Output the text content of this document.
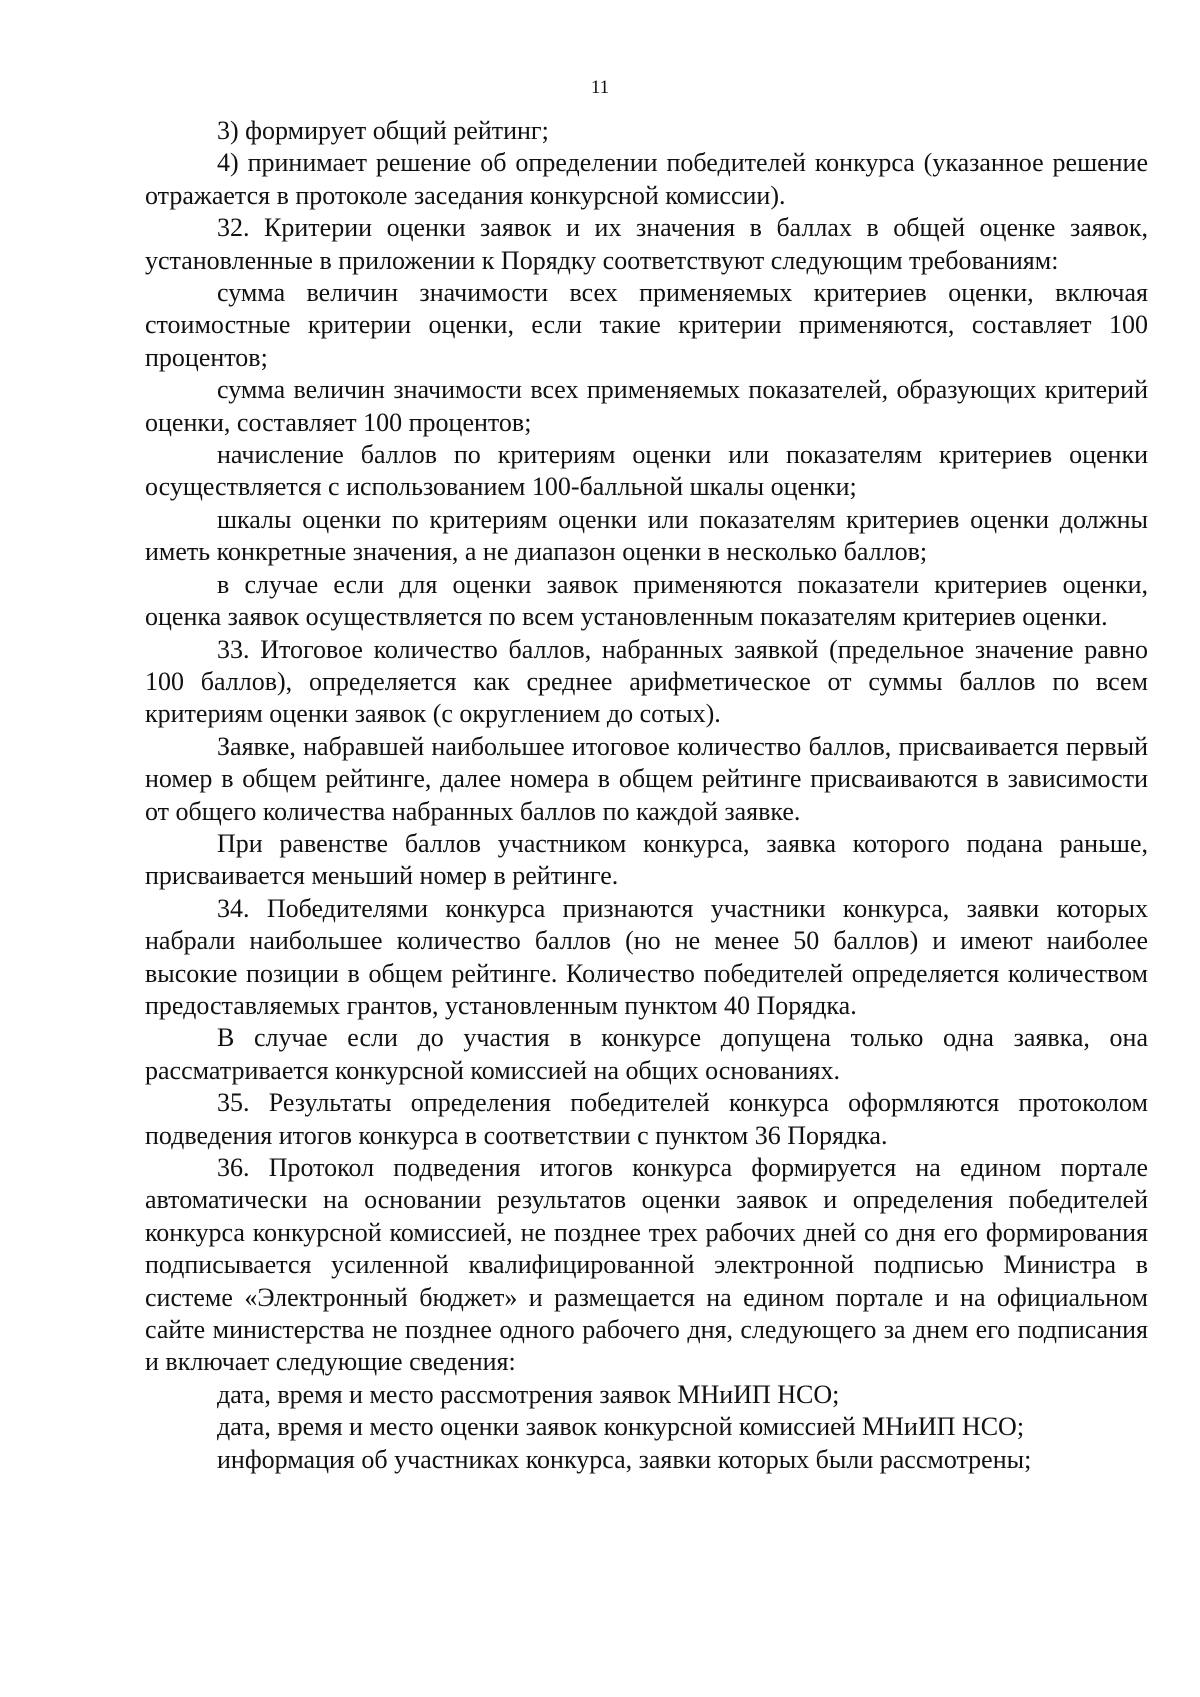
11

3) формирует общий рейтинг;

4) принимает решение об определении победителей конкурса (указанное решение отражается в протоколе заседания конкурсной комиссии).

32. Критерии оценки заявок и их значения в баллах в общей оценке заявок, установленные в приложении к Порядку соответствуют следующим требованиям:

сумма величин значимости всех применяемых критериев оценки, включая стоимостные критерии оценки, если такие критерии применяются, составляет 100 процентов;

сумма величин значимости всех применяемых показателей, образующих критерий оценки, составляет 100 процентов;

начисление баллов по критериям оценки или показателям критериев оценки осуществляется с использованием 100-балльной шкалы оценки;

шкалы оценки по критериям оценки или показателям критериев оценки должны иметь конкретные значения, а не диапазон оценки в несколько баллов;

в случае если для оценки заявок применяются показатели критериев оценки, оценка заявок осуществляется по всем установленным показателям критериев оценки.

33. Итоговое количество баллов, набранных заявкой (предельное значение равно 100 баллов), определяется как среднее арифметическое от суммы баллов по всем критериям оценки заявок (с округлением до сотых).

Заявке, набравшей наибольшее итоговое количество баллов, присваивается первый номер в общем рейтинге, далее номера в общем рейтинге присваиваются в зависимости от общего количества набранных баллов по каждой заявке.

При равенстве баллов участником конкурса, заявка которого подана раньше, присваивается меньший номер в рейтинге.

34. Победителями конкурса признаются участники конкурса, заявки которых набрали наибольшее количество баллов (но не менее 50 баллов) и имеют наиболее высокие позиции в общем рейтинге. Количество победителей определяется количеством предоставляемых грантов, установленным пунктом 40 Порядка.

В случае если до участия в конкурсе допущена только одна заявка, она рассматривается конкурсной комиссией на общих основаниях.

35. Результаты определения победителей конкурса оформляются протоколом подведения итогов конкурса в соответствии с пунктом 36 Порядка.

36. Протокол подведения итогов конкурса формируется на едином портале автоматически на основании результатов оценки заявок и определения победителей конкурса конкурсной комиссией, не позднее трех рабочих дней со дня его формирования подписывается усиленной квалифицированной электронной подписью Министра в системе «Электронный бюджет» и размещается на едином портале и на официальном сайте министерства не позднее одного рабочего дня, следующего за днем его подписания и включает следующие сведения:

дата, время и место рассмотрения заявок МНиИП НСО;

дата, время и место оценки заявок конкурсной комиссией МНиИП НСО;

информация об участниках конкурса, заявки которых были рассмотрены;
